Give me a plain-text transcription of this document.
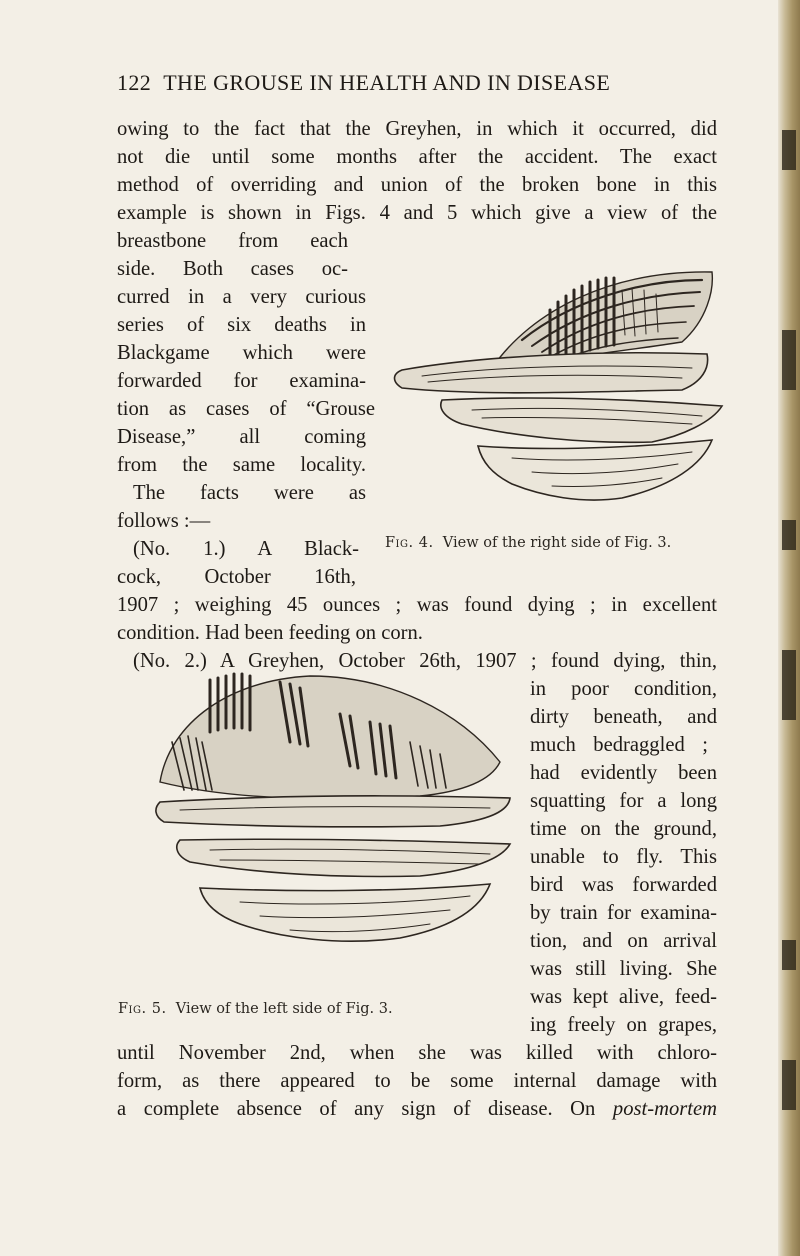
122 THE GROUSE IN HEALTH AND IN DISEASE
owing to the fact that the Greyhen, in which it occurred, did
not die until some months after the accident. The exact
method of overriding and union of the broken bone in this
example is shown in Figs. 4 and 5 which give a view of the
breastbone from each
side. Both cases oc-
curred in a very curious
series of six deaths in
Blackgame which were
forwarded for examina-
tion as cases of “Grouse
Disease,” all coming
from the same locality.
The facts were as
follows :—
(No. 1.) A Black-
cock, October 16th,
1907 ; weighing 45 ounces ; was found dying ; in excellent
condition. Had been feeding on corn.
(No. 2.) A Greyhen, October 26th, 1907 ; found dying, thin,
in poor condition,
dirty beneath, and
much bedraggled ;
had evidently been
squatting for a long
time on the ground,
unable to fly. This
bird was forwarded
by train for examina-
tion, and on arrival
was still living. She
was kept alive, feed-
ing freely on grapes,
until November 2nd, when she was killed with chloro-
form, as there appeared to be some internal damage with
a complete absence of any sign of disease. On post-mortem
Fig. 4. View of the right side of Fig. 3.
Fig. 5. View of the left side of Fig. 3.
